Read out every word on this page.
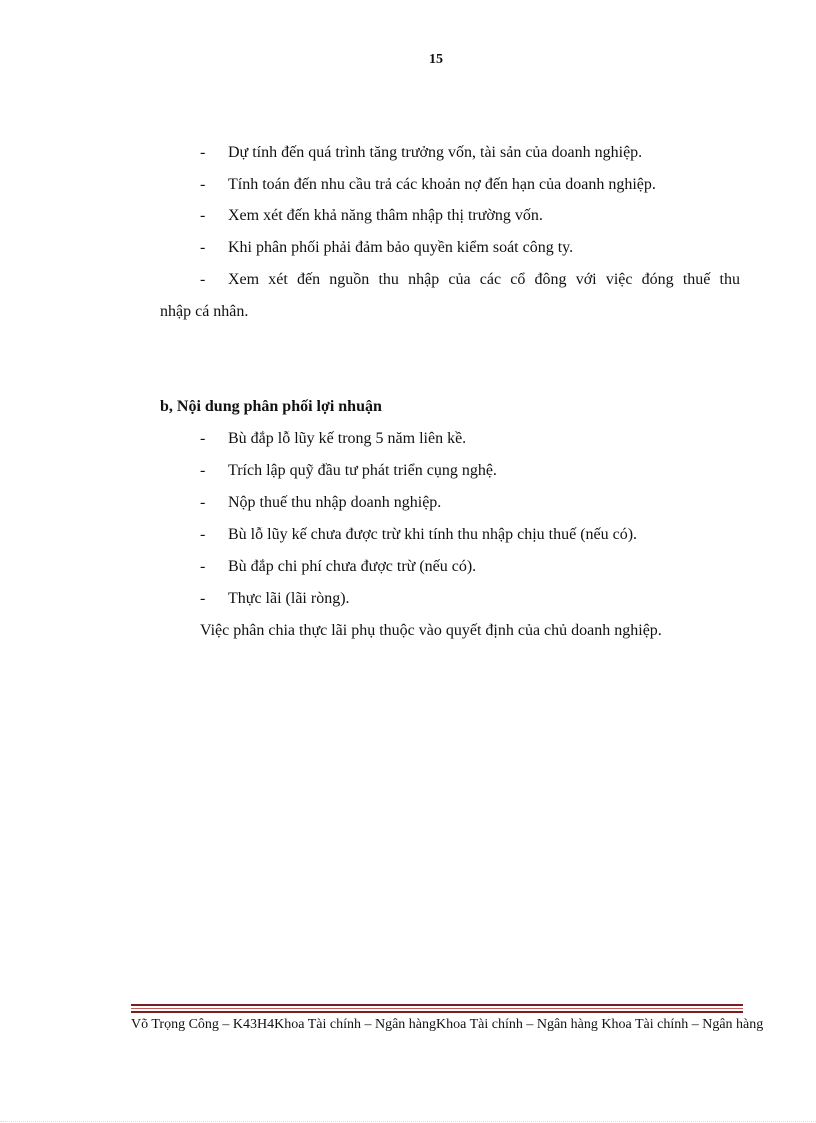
15
- Dự tính đến quá trình tăng trưởng vốn, tài sản của doanh nghiệp.
- Tính toán đến nhu cầu trả các khoản nợ đến hạn của doanh nghiệp.
- Xem xét đến khả năng thâm nhập thị trường vốn.
- Khi phân phối phải đảm bảo quyền kiểm soát công ty.
- Xem xét đến nguồn thu nhập của các cổ đông với việc đóng thuế thu
nhập cá nhân.
b, Nội dung phân phối lợi nhuận
- Bù đắp lỗ lũy kế trong 5 năm liên kề.
- Trích lập quỹ đầu tư phát triển cụng nghệ.
- Nộp thuế thu nhập doanh nghiệp.
- Bù lỗ lũy kế chưa được trừ khi tính thu nhập chịu thuế (nếu có).
- Bù đắp chi phí chưa được trừ (nếu có).
- Thực lãi (lãi ròng).
Việc phân chia thực lãi phụ thuộc vào quyết định của chủ doanh nghiệp.
Võ Trọng Công – K43H4Khoa Tài chính – Ngân hàngKhoa Tài chính – Ngân hàng Khoa Tài chính – Ngân hàng
